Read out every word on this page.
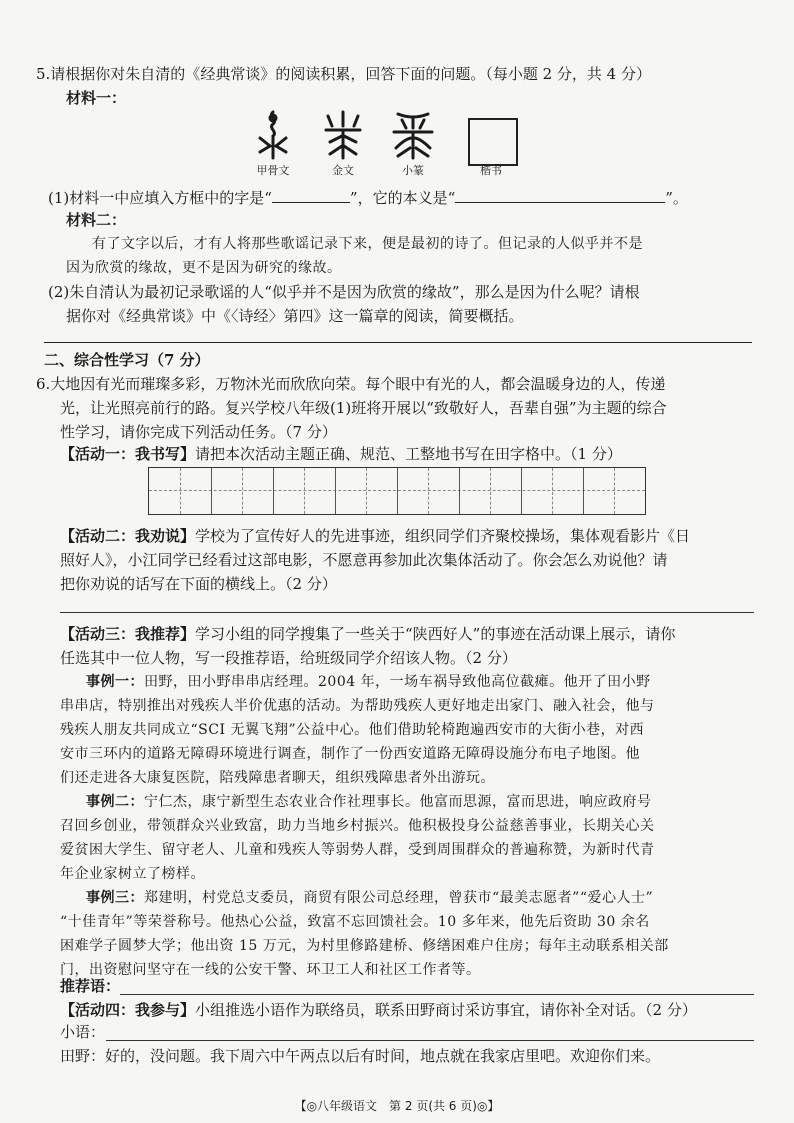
5.请根据你对朱自清的《经典常谈》的阅读积累，回答下面的问题。（每小题 2 分，共 4 分）
材料一：
甲骨文	金文	小篆	楷书
(1)材料一中应填入方框中的字是“	”，它的本义是“	”。
材料二：
有了文字以后，才有人将那些歌谣记录下来，便是最初的诗了。但记录的人似乎并不是
因为欣赏的缘故，更不是因为研究的缘故。
(2)朱自清认为最初记录歌谣的人“似乎并不是因为欣赏的缘故”，那么是因为什么呢？请根
据你对《经典常谈》中《〈诗经〉第四》这一篇章的阅读，简要概括。
二、综合性学习（7 分）
6.大地因有光而璀璨多彩，万物沐光而欣欣向荣。每个眼中有光的人，都会温暖身边的人，传递
光，让光照亮前行的路。复兴学校八年级(1)班将开展以“致敬好人，吾辈自强”为主题的综合
性学习，请你完成下列活动任务。（7 分）
【活动一：我书写】请把本次活动主题正确、规范、工整地书写在田字格中。（1 分）
【活动二：我劝说】学校为了宣传好人的先进事迹，组织同学们齐聚校操场，集体观看影片《日
照好人》，小江同学已经看过这部电影，不愿意再参加此次集体活动了。你会怎么劝说他？请
把你劝说的话写在下面的横线上。（2 分）
【活动三：我推荐】学习小组的同学搜集了一些关于“陕西好人”的事迹在活动课上展示，请你
任选其中一位人物，写一段推荐语，给班级同学介绍该人物。（2 分）
事例一：田野，田小野串串店经理。2004 年，一场车祸导致他高位截瘫。他开了田小野
串串店，特别推出对残疾人半价优惠的活动。为帮助残疾人更好地走出家门、融入社会，他与
残疾人朋友共同成立“SCI 无翼飞翔”公益中心。他们借助轮椅跑遍西安市的大街小巷，对西
安市三环内的道路无障碍环境进行调查，制作了一份西安道路无障碍设施分布电子地图。他
们还走进各大康复医院，陪残障患者聊天，组织残障患者外出游玩。
事例二：宁仁杰，康宁新型生态农业合作社理事长。他富而思源，富而思进，响应政府号
召回乡创业，带领群众兴业致富，助力当地乡村振兴。他积极投身公益慈善事业，长期关心关
爱贫困大学生、留守老人、儿童和残疾人等弱势人群，受到周围群众的普遍称赞，为新时代青
年企业家树立了榜样。
事例三：郑建明，村党总支委员，商贸有限公司总经理，曾获市“最美志愿者”“爱心人士”
“十佳青年”等荣誉称号。他热心公益，致富不忘回馈社会。10 多年来，他先后资助 30 余名
困难学子圆梦大学；他出资 15 万元，为村里修路建桥、修缮困难户住房；每年主动联系相关部
门，出资慰问坚守在一线的公安干警、环卫工人和社区工作者等。
推荐语：
【活动四：我参与】小组推选小语作为联络员，联系田野商讨采访事宜，请你补全对话。（2 分）
小语：
田野：好的，没问题。我下周六中午两点以后有时间，地点就在我家店里吧。欢迎你们来。
【◎八年级语文　第 2 页(共 6 页)◎】
